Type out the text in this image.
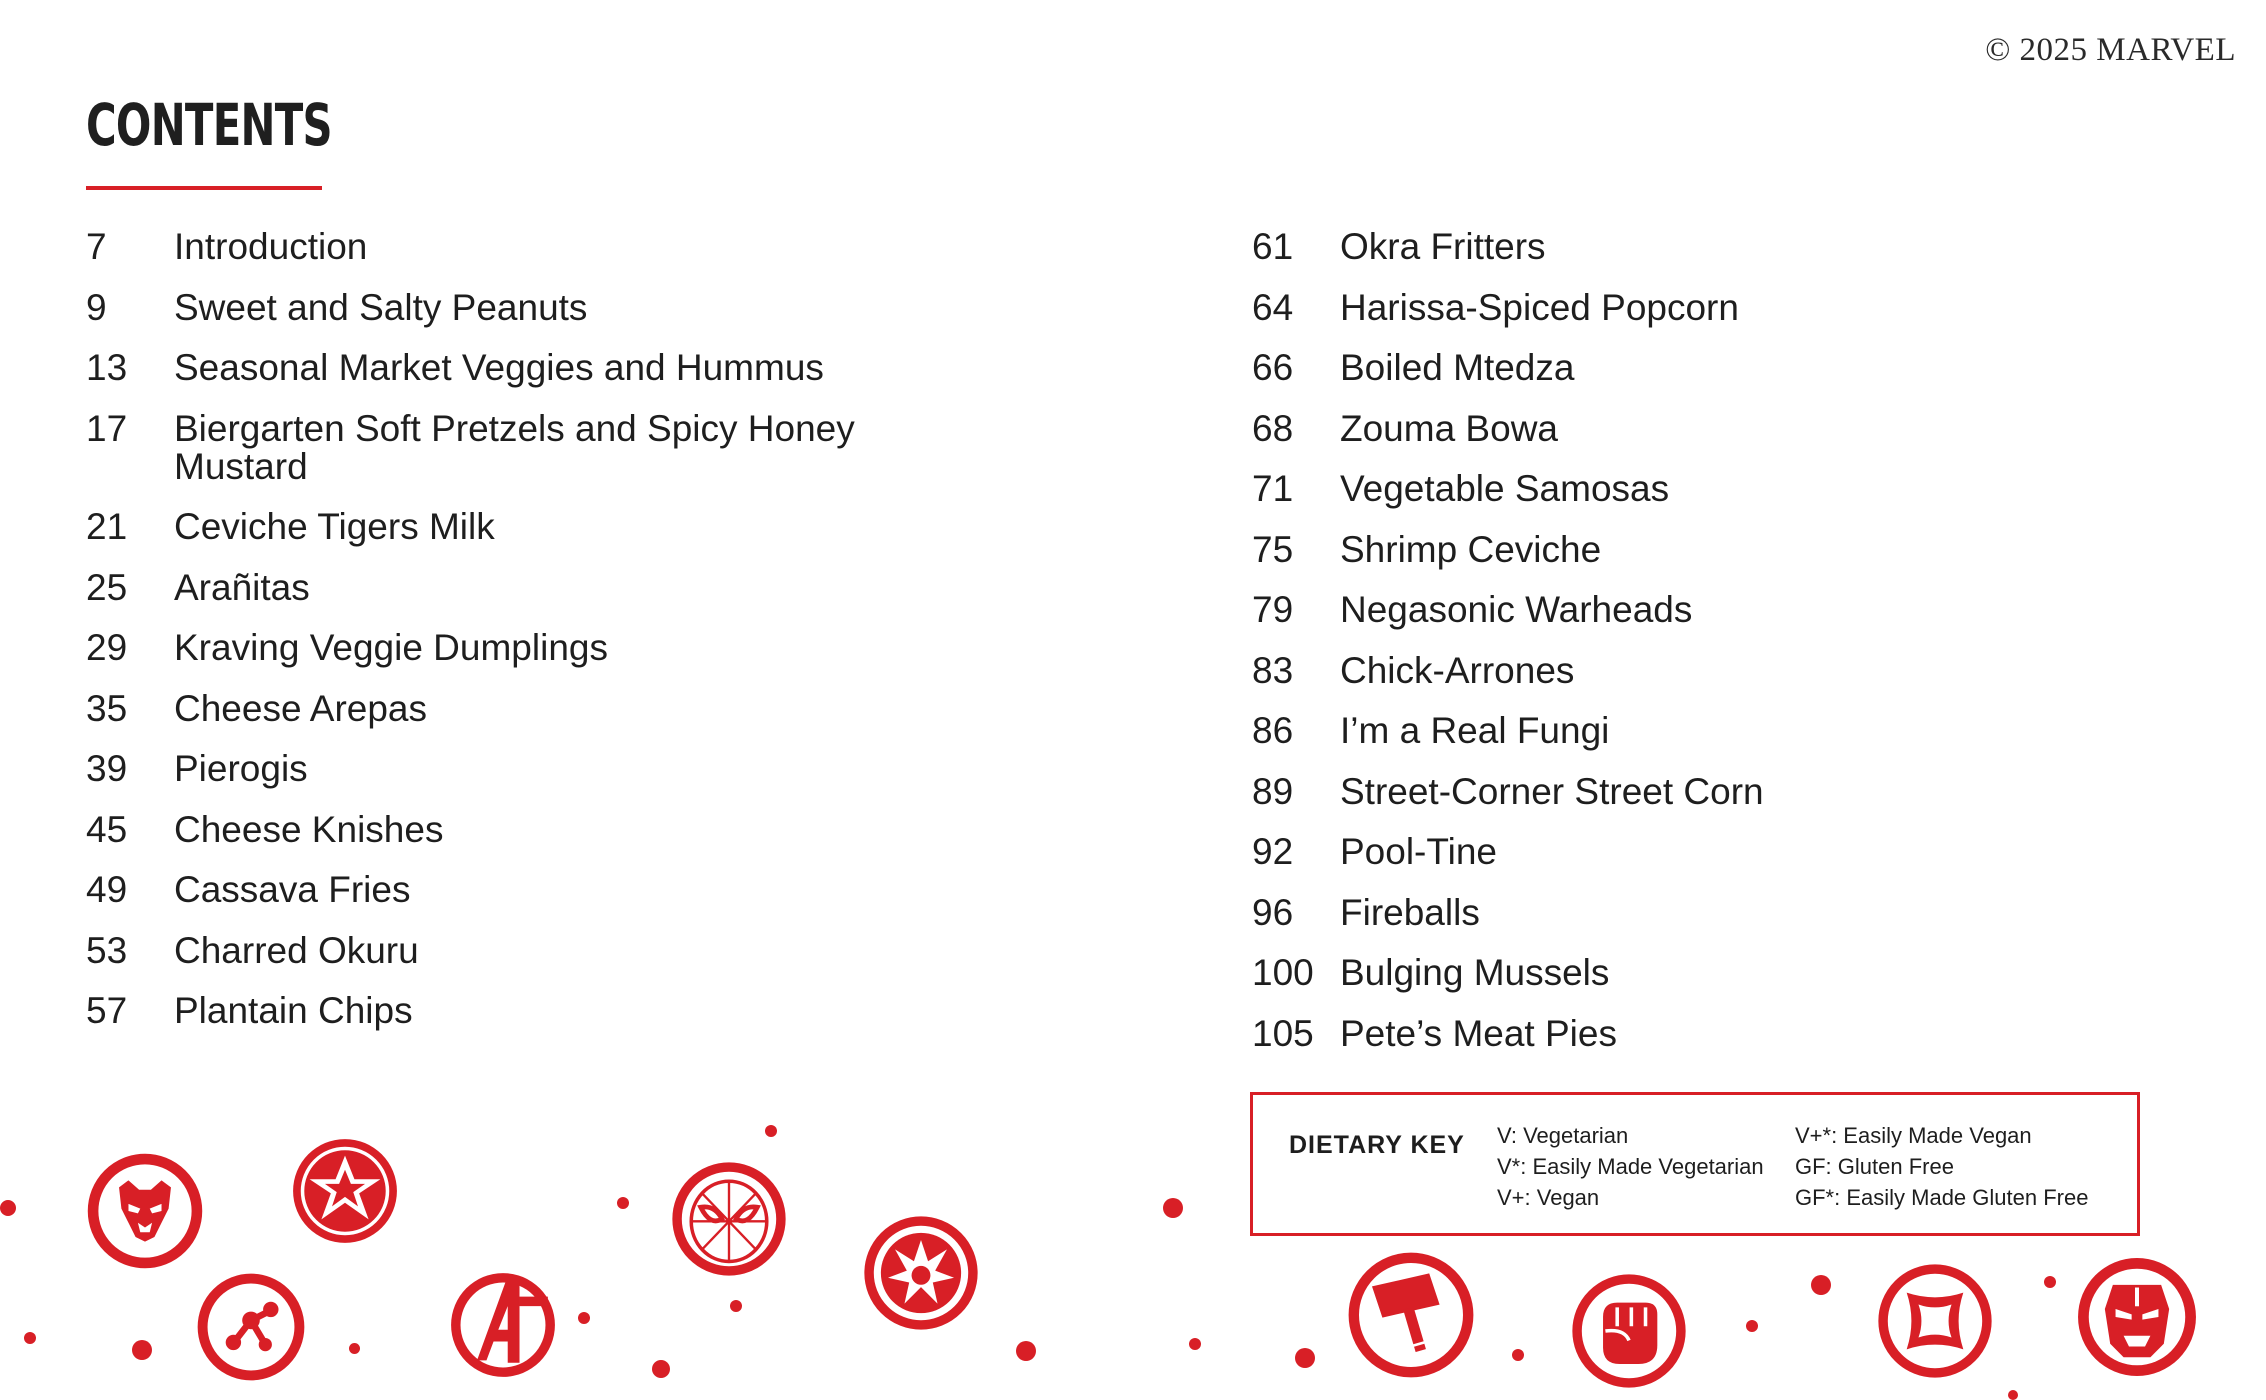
© 2025 MARVEL
CONTENTS
7	Introduction
9	Sweet and Salty Peanuts
13	Seasonal Market Veggies and Hummus
17	Biergarten Soft Pretzels and Spicy Honey Mustard
21	Ceviche Tigers Milk
25	Arañitas
29	Kraving Veggie Dumplings
35	Cheese Arepas
39	Pierogis
45	Cheese Knishes
49	Cassava Fries
53	Charred Okuru
57	Plantain Chips
61	Okra Fritters
64	Harissa-Spiced Popcorn
66	Boiled Mtedza
68	Zouma Bowa
71	Vegetable Samosas
75	Shrimp Ceviche
79	Negasonic Warheads
83	Chick-Arrones
86	I’m a Real Fungi
89	Street-Corner Street Corn
92	Pool-Tine
96	Fireballs
100 Bulging Mussels
105 Pete’s Meat Pies
DIETARY KEY V: Vegetarian
V*: Easily Made Vegetarian
V+: Vegan
V+*: Easily Made Vegan
GF: Gluten Free
GF*: Easily Made Gluten Free
